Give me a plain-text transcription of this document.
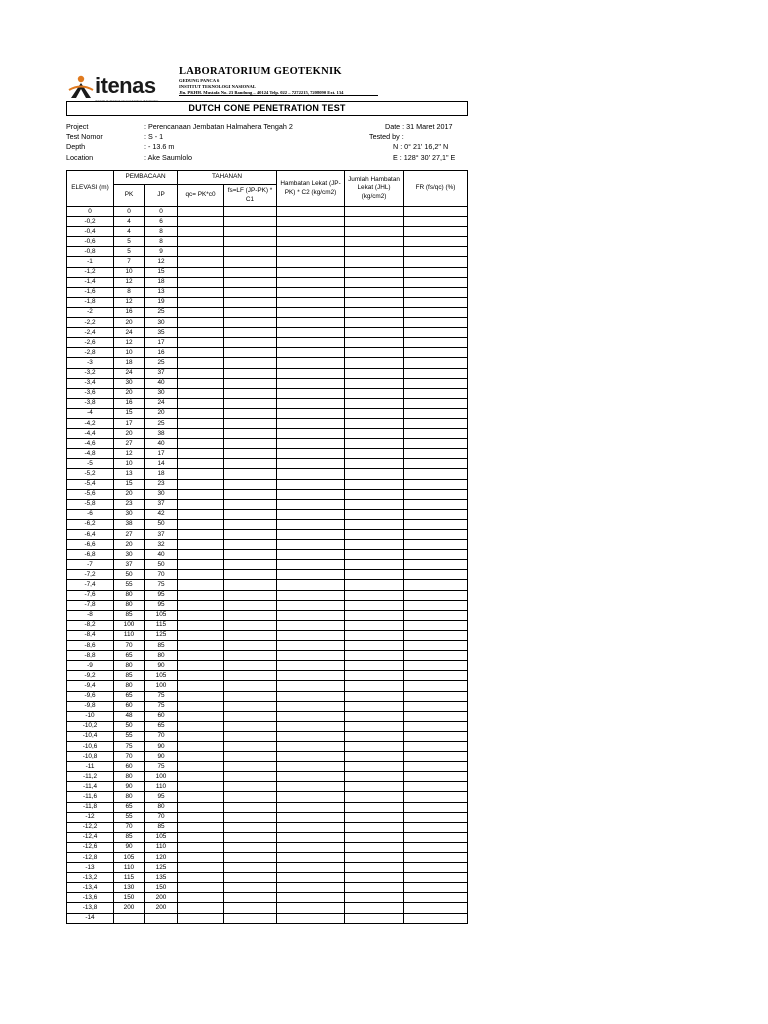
itenas
INSTITUT TEKNOLOGI NASIONAL BANDUNG
LABORATORIUM GEOTEKNIK
GEDUNG PANCA 6
INSTITUT TEKNOLOGI NASIONAL
Jln. PKHH. Mustafa No. 23 Bandung – 40124 Telp. 022 – 7272215, 7208090 Ext. 134
DUTCH CONE PENETRATION TEST
Project	: Perencanaan Jembatan Halmahera Tengah 2
Test Nomor	: S - 1
Depth	: - 13.6 m
Location	: Ake Saumlolo
Date : 31 Maret 2017
Tested by :
N : 0° 21' 16,2" N
E : 128° 30' 27,1" E
ELEVASI (m)	PEMBACAAN		TAHANAN		Hambatan Lekat (JP-PK) * C2 (kg/cm2)	Jumlah Hambatan Lekat (JHL) (kg/cm2)	FR (fs/qc) (%)
	PK	JP	qc= PK*c0	fs=LF (JP-PK) * C1			
0	0	0					
-0,2	4	6					
-0,4	4	8					
-0,6	5	8					
-0,8	5	9					
-1	7	12					
-1,2	10	15					
-1,4	12	18					
-1,6	8	13					
-1,8	12	19					
-2	16	25					
-2,2	20	30					
-2,4	24	35					
-2,6	12	17					
-2,8	10	16					
-3	18	25					
-3,2	24	37					
-3,4	30	40					
-3,6	20	30					
-3,8	16	24					
-4	15	20					
-4,2	17	25					
-4,4	20	38					
-4,6	27	40					
-4,8	12	17					
-5	10	14					
-5,2	13	18					
-5,4	15	23					
-5,6	20	30					
-5,8	23	37					
-6	30	42					
-6,2	38	50					
-6,4	27	37					
-6,6	20	32					
-6,8	30	40					
-7	37	50					
-7,2	50	70					
-7,4	55	75					
-7,6	80	95					
-7,8	80	95					
-8	85	105					
-8,2	100	115					
-8,4	110	125					
-8,6	70	85					
-8,8	65	80					
-9	80	90					
-9,2	85	105					
-9,4	80	100					
-9,6	65	75					
-9,8	60	75					
-10	48	60					
-10,2	50	65					
-10,4	55	70					
-10,6	75	90					
-10,8	70	90					
-11	60	75					
-11,2	80	100					
-11,4	90	110					
-11,6	80	95					
-11,8	65	80					
-12	55	70					
-12,2	70	85					
-12,4	85	105					
-12,6	90	110					
-12,8	105	120					
-13	110	125					
-13,2	115	135					
-13,4	130	150					
-13,6	150	200					
-13,8	200	200					
-14							
